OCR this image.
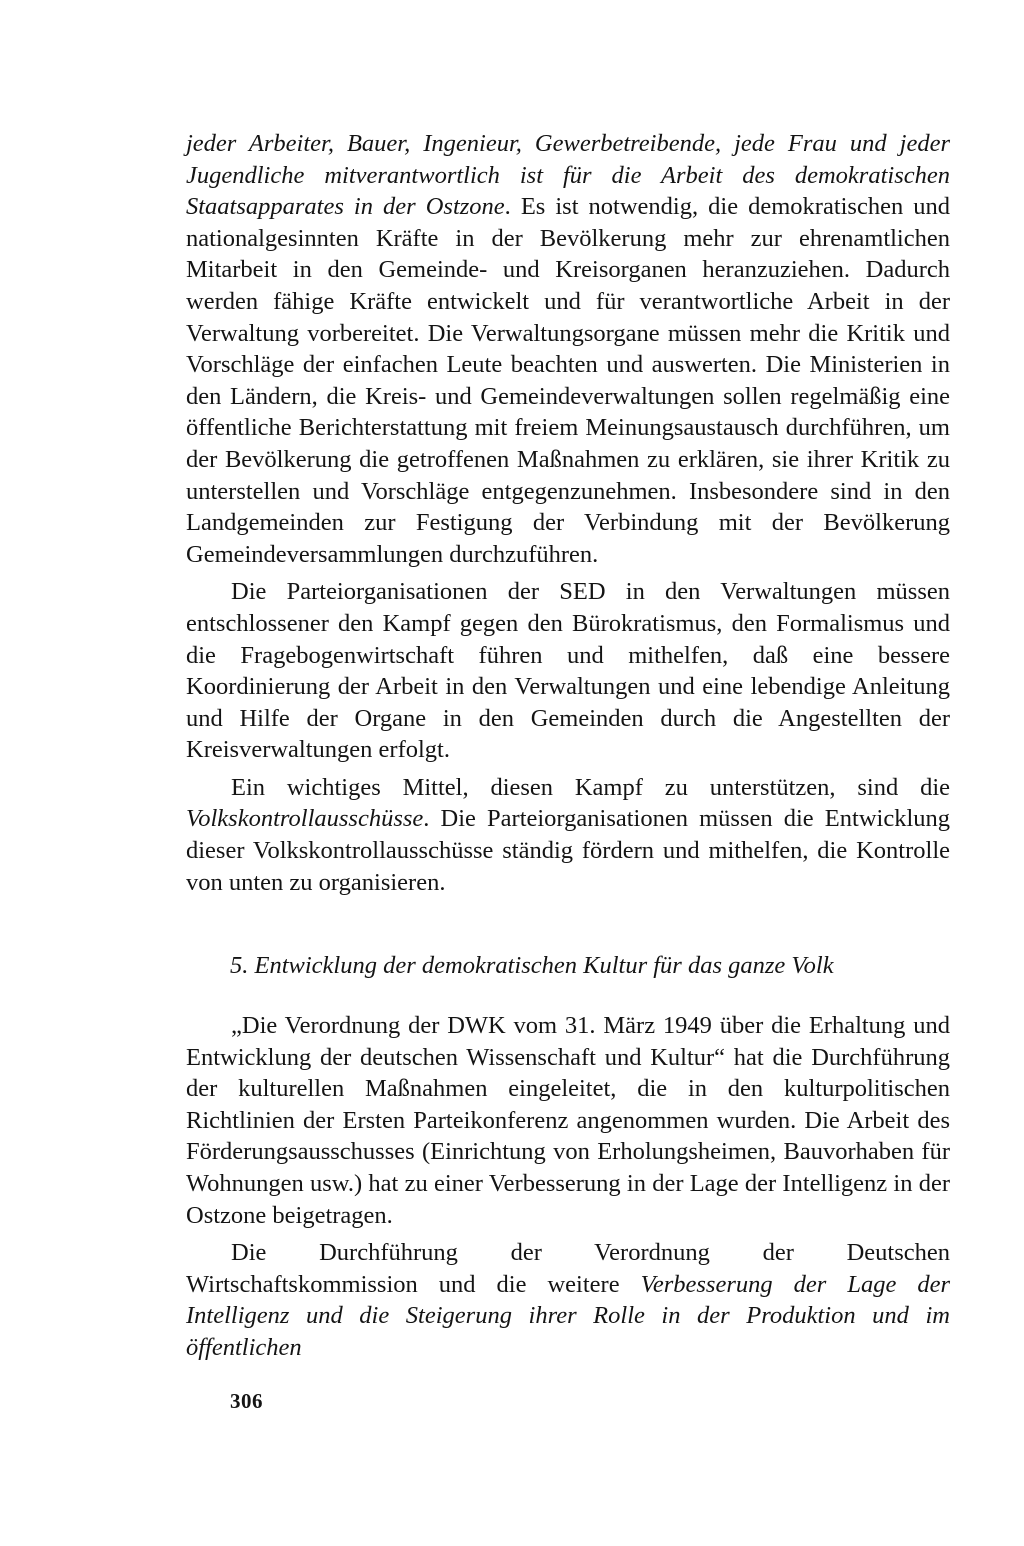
jeder Arbeiter, Bauer, Ingenieur, Gewerbetreibende, jede Frau und jeder Jugendliche mitverantwortlich ist für die Arbeit des demokratischen Staatsapparates in der Ostzone. Es ist notwendig, die demokratischen und nationalgesinnten Kräfte in der Bevölkerung mehr zur ehrenamtlichen Mitarbeit in den Gemeinde- und Kreisorganen heranzuziehen. Dadurch werden fähige Kräfte entwickelt und für verantwortliche Arbeit in der Verwaltung vorbereitet. Die Verwaltungsorgane müssen mehr die Kritik und Vorschläge der einfachen Leute beachten und auswerten. Die Ministerien in den Ländern, die Kreis- und Gemeindeverwaltungen sollen regelmäßig eine öffentliche Berichterstattung mit freiem Meinungsaustausch durchführen, um der Bevölkerung die getroffenen Maßnahmen zu erklären, sie ihrer Kritik zu unterstellen und Vorschläge entgegenzunehmen. Insbesondere sind in den Landgemeinden zur Festigung der Verbindung mit der Bevölkerung Gemeindeversammlungen durchzuführen.

Die Parteiorganisationen der SED in den Verwaltungen müssen entschlossener den Kampf gegen den Bürokratismus, den Formalismus und die Fragebogenwirtschaft führen und mithelfen, daß eine bessere Koordinierung der Arbeit in den Verwaltungen und eine lebendige Anleitung und Hilfe der Organe in den Gemeinden durch die Angestellten der Kreisverwaltungen erfolgt.

Ein wichtiges Mittel, diesen Kampf zu unterstützen, sind die Volkskontrollausschüsse. Die Parteiorganisationen müssen die Entwicklung dieser Volkskontrollausschüsse ständig fördern und mithelfen, die Kontrolle von unten zu organisieren.

5. Entwicklung der demokratischen Kultur für das ganze Volk

„Die Verordnung der DWK vom 31. März 1949 über die Erhaltung und Entwicklung der deutschen Wissenschaft und Kultur“ hat die Durchführung der kulturellen Maßnahmen eingeleitet, die in den kulturpolitischen Richtlinien der Ersten Parteikonferenz angenommen wurden. Die Arbeit des Förderungsausschusses (Einrichtung von Erholungsheimen, Bauvorhaben für Wohnungen usw.) hat zu einer Verbesserung in der Lage der Intelligenz in der Ostzone beigetragen.

Die Durchführung der Verordnung der Deutschen Wirtschaftskommission und die weitere Verbesserung der Lage der Intelligenz und die Steigerung ihrer Rolle in der Produktion und im öffentlichen

306
